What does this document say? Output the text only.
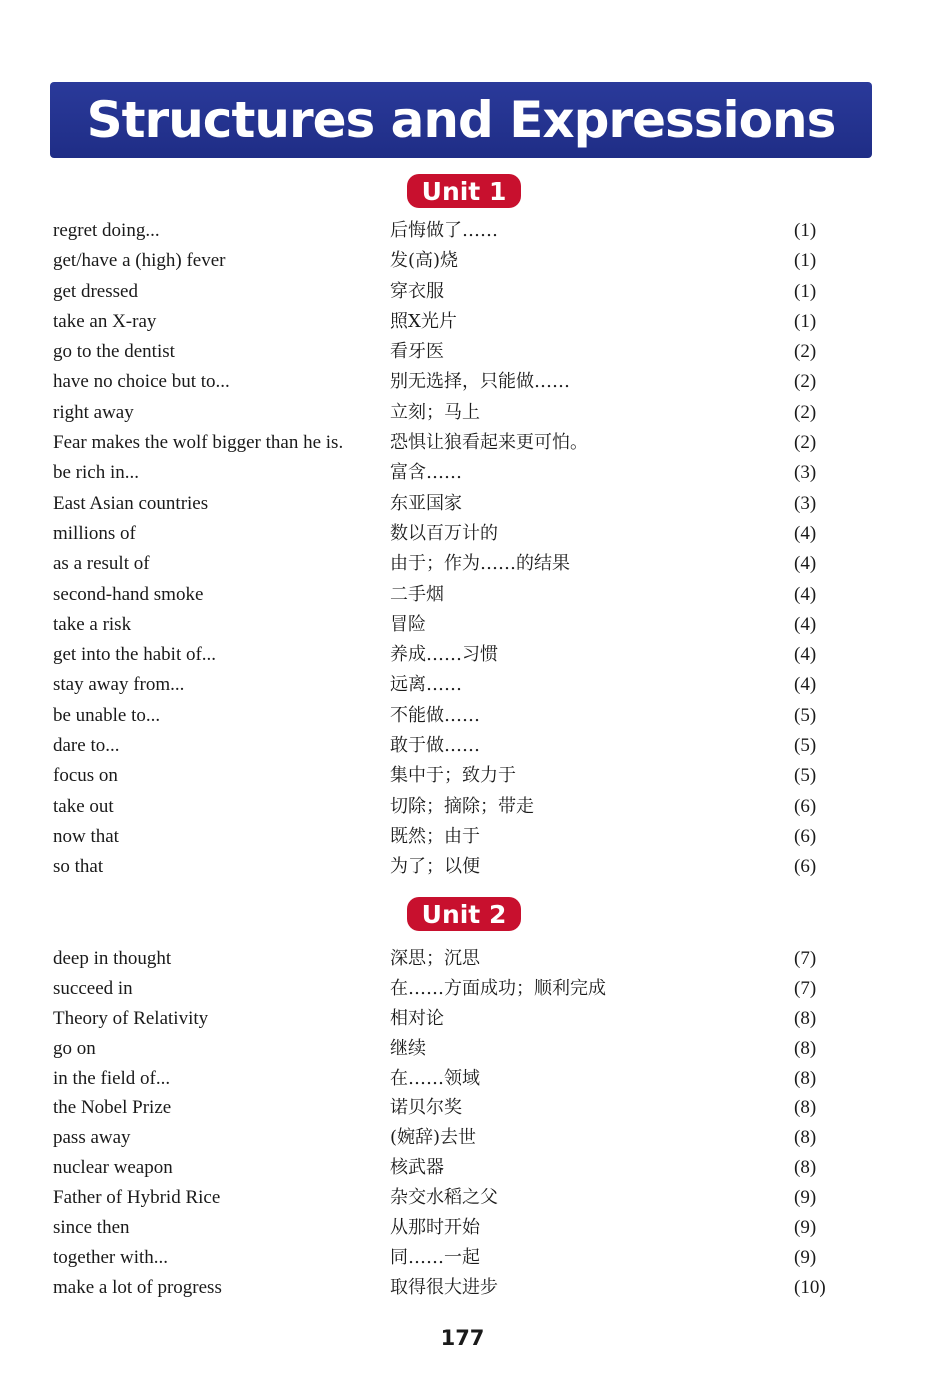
Structures and Expressions
Unit 1
regret doing...	后悔做了……	(1)
get/have a (high) fever	发(高)烧	(1)
get dressed	穿衣服	(1)
take an X-ray	照X光片	(1)
go to the dentist	看牙医	(2)
have no choice but to...	别无选择，只能做……	(2)
right away	立刻；马上	(2)
Fear makes the wolf bigger than he is.	恐惧让狼看起来更可怕。	(2)
be rich in...	富含……	(3)
East Asian countries	东亚国家	(3)
millions of	数以百万计的	(4)
as a result of	由于；作为……的结果	(4)
second-hand smoke	二手烟	(4)
take a risk	冒险	(4)
get into the habit of...	养成……习惯	(4)
stay away from...	远离……	(4)
be unable to...	不能做……	(5)
dare to...	敢于做……	(5)
focus on	集中于；致力于	(5)
take out	切除；摘除；带走	(6)
now that	既然；由于	(6)
so that	为了；以便	(6)
Unit 2
deep in thought	深思；沉思	(7)
succeed in	在……方面成功；顺利完成	(7)
Theory of Relativity	相对论	(8)
go on	继续	(8)
in the field of...	在……领域	(8)
the Nobel Prize	诺贝尔奖	(8)
pass away	(婉辞)去世	(8)
nuclear weapon	核武器	(8)
Father of Hybrid Rice	杂交水稻之父	(9)
since then	从那时开始	(9)
together with...	同……一起	(9)
make a lot of progress	取得很大进步	(10)
177
